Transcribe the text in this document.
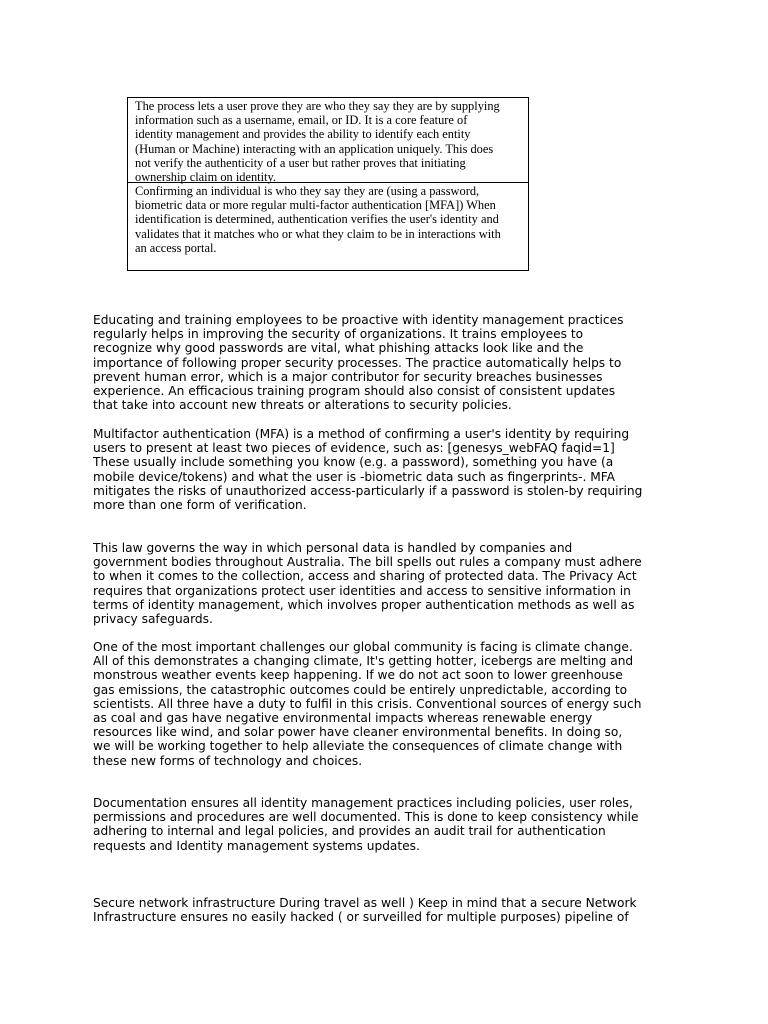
The process lets a user prove they are who they say they are by supplying
information such as a username, email, or ID. It is a core feature of
identity management and provides the ability to identify each entity
(Human or Machine) interacting with an application uniquely. This does
not verify the authenticity of a user but rather proves that initiating
ownership claim on identity.
Confirming an individual is who they say they are (using a password,
biometric data or more regular multi-factor authentication [MFA]) When
identification is determined, authentication verifies the user's identity and
validates that it matches who or what they claim to be in interactions with
an access portal.

Educating and training employees to be proactive with identity management practices
regularly helps in improving the security of organizations. It trains employees to
recognize why good passwords are vital, what phishing attacks look like and the
importance of following proper security processes. The practice automatically helps to
prevent human error, which is a major contributor for security breaches businesses
experience. An efficacious training program should also consist of consistent updates
that take into account new threats or alterations to security policies.

Multifactor authentication (MFA) is a method of confirming a user's identity by requiring
users to present at least two pieces of evidence, such as: [genesys_webFAQ faqid=1]
These usually include something you know (e.g. a password), something you have (a
mobile device/tokens) and what the user is -biometric data such as fingerprints-. MFA
mitigates the risks of unauthorized access-particularly if a password is stolen-by requiring
more than one form of verification.

This law governs the way in which personal data is handled by companies and
government bodies throughout Australia. The bill spells out rules a company must adhere
to when it comes to the collection, access and sharing of protected data. The Privacy Act
requires that organizations protect user identities and access to sensitive information in
terms of identity management, which involves proper authentication methods as well as
privacy safeguards.

One of the most important challenges our global community is facing is climate change.
All of this demonstrates a changing climate, It's getting hotter, icebergs are melting and
monstrous weather events keep happening. If we do not act soon to lower greenhouse
gas emissions, the catastrophic outcomes could be entirely unpredictable, according to
scientists. All three have a duty to fulfil in this crisis. Conventional sources of energy such
as coal and gas have negative environmental impacts whereas renewable energy
resources like wind, and solar power have cleaner environmental benefits. In doing so,
we will be working together to help alleviate the consequences of climate change with
these new forms of technology and choices.

Documentation ensures all identity management practices including policies, user roles,
permissions and procedures are well documented. This is done to keep consistency while
adhering to internal and legal policies, and provides an audit trail for authentication
requests and Identity management systems updates.

Secure network infrastructure During travel as well ) Keep in mind that a secure Network
Infrastructure ensures no easily hacked ( or surveilled for multiple purposes) pipeline of
